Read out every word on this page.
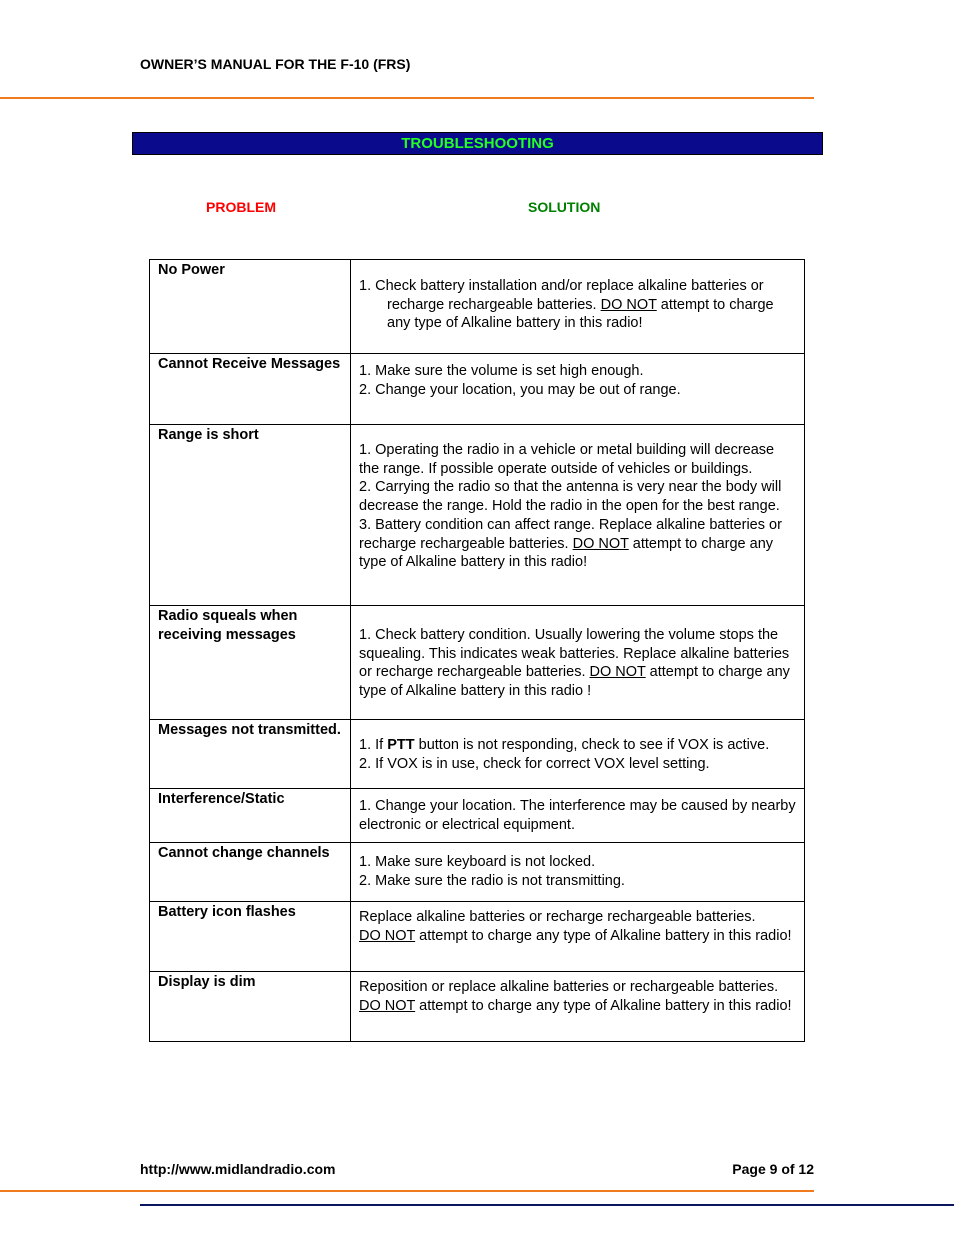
OWNER’S MANUAL FOR THE F-10 (FRS)
TROUBLESHOOTING
PROBLEM	SOLUTION
No Power	1. Check battery installation and/or replace alkaline batteries or recharge rechargeable batteries. DO NOT attempt to charge any type of Alkaline battery in this radio!

Cannot Receive Messages	1. Make sure the volume is set high enough.
2. Change your location, you may be out of range.

Range is short	1. Operating the radio in a vehicle or metal building will decrease the range. If possible operate outside of vehicles or buildings.
2. Carrying the radio so that the antenna is very near the body will decrease the range. Hold the radio in the open for the best range.
3. Battery condition can affect range. Replace alkaline batteries or recharge rechargeable batteries. DO NOT attempt to charge any type of Alkaline battery in this radio!

Radio squeals when receiving messages	1. Check battery condition. Usually lowering the volume stops the squealing. This indicates weak batteries. Replace alkaline batteries or recharge rechargeable batteries. DO NOT attempt to charge any type of Alkaline battery in this radio !

Messages not transmitted.	1. If PTT button is not responding, check to see if VOX is active.
2. If VOX is in use, check for correct VOX level setting.

Interference/Static	1. Change your location. The interference may be caused by nearby electronic or electrical equipment.

Cannot change channels	1. Make sure keyboard is not locked.
2. Make sure the radio is not transmitting.

Battery icon flashes	Replace alkaline batteries or recharge rechargeable batteries.
DO NOT attempt to charge any type of Alkaline battery in this radio!

Display is dim	Reposition or replace alkaline batteries or rechargeable batteries.
DO NOT attempt to charge any type of Alkaline battery in this radio!
http://www.midlandradio.com	Page 9 of 12
